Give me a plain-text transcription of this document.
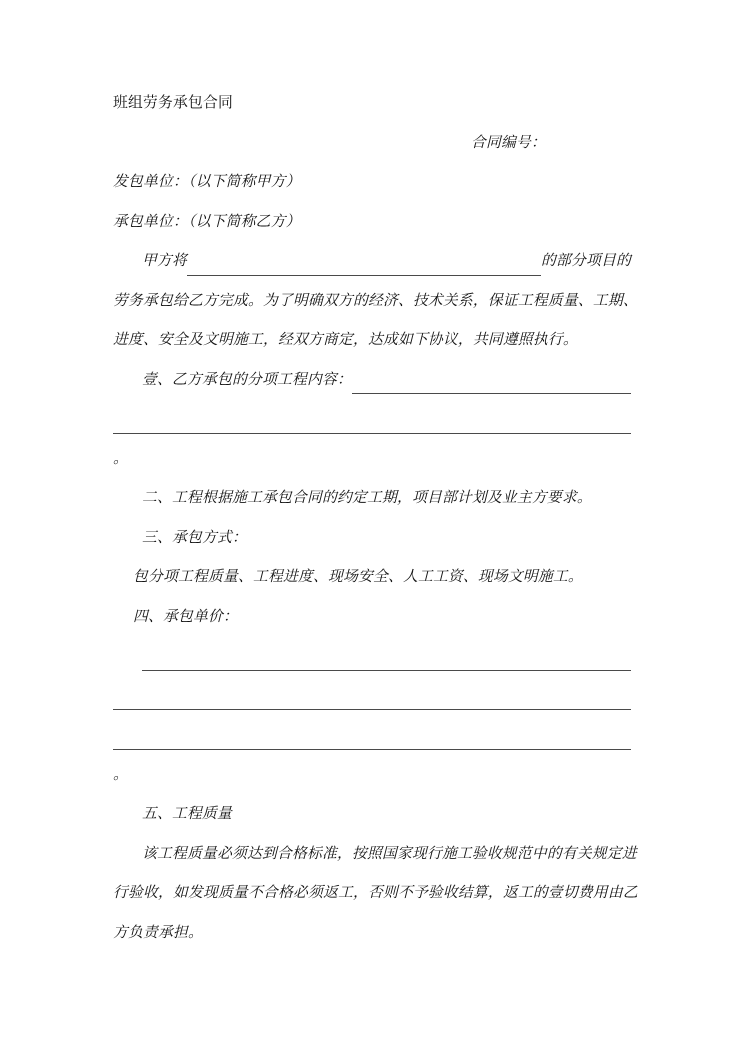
班组劳务承包合同
合同编号：
发包单位：（以下简称甲方）
承包单位：（以下简称乙方）
甲方将	的部分项目的
劳务承包给乙方完成。为了明确双方的经济、技术关系，保证工程质量、工期、
进度、安全及文明施工，经双方商定，达成如下协议，共同遵照执行。
壹、乙方承包的分项工程内容：
。
二、工程根据施工承包合同的约定工期，项目部计划及业主方要求。
三、承包方式：
包分项工程质量、工程进度、现场安全、人工工资、现场文明施工。
四、承包单价：
。
五、工程质量
该工程质量必须达到合格标准，按照国家现行施工验收规范中的有关规定进
行验收，如发现质量不合格必须返工，否则不予验收结算，返工的壹切费用由乙
方负责承担。
